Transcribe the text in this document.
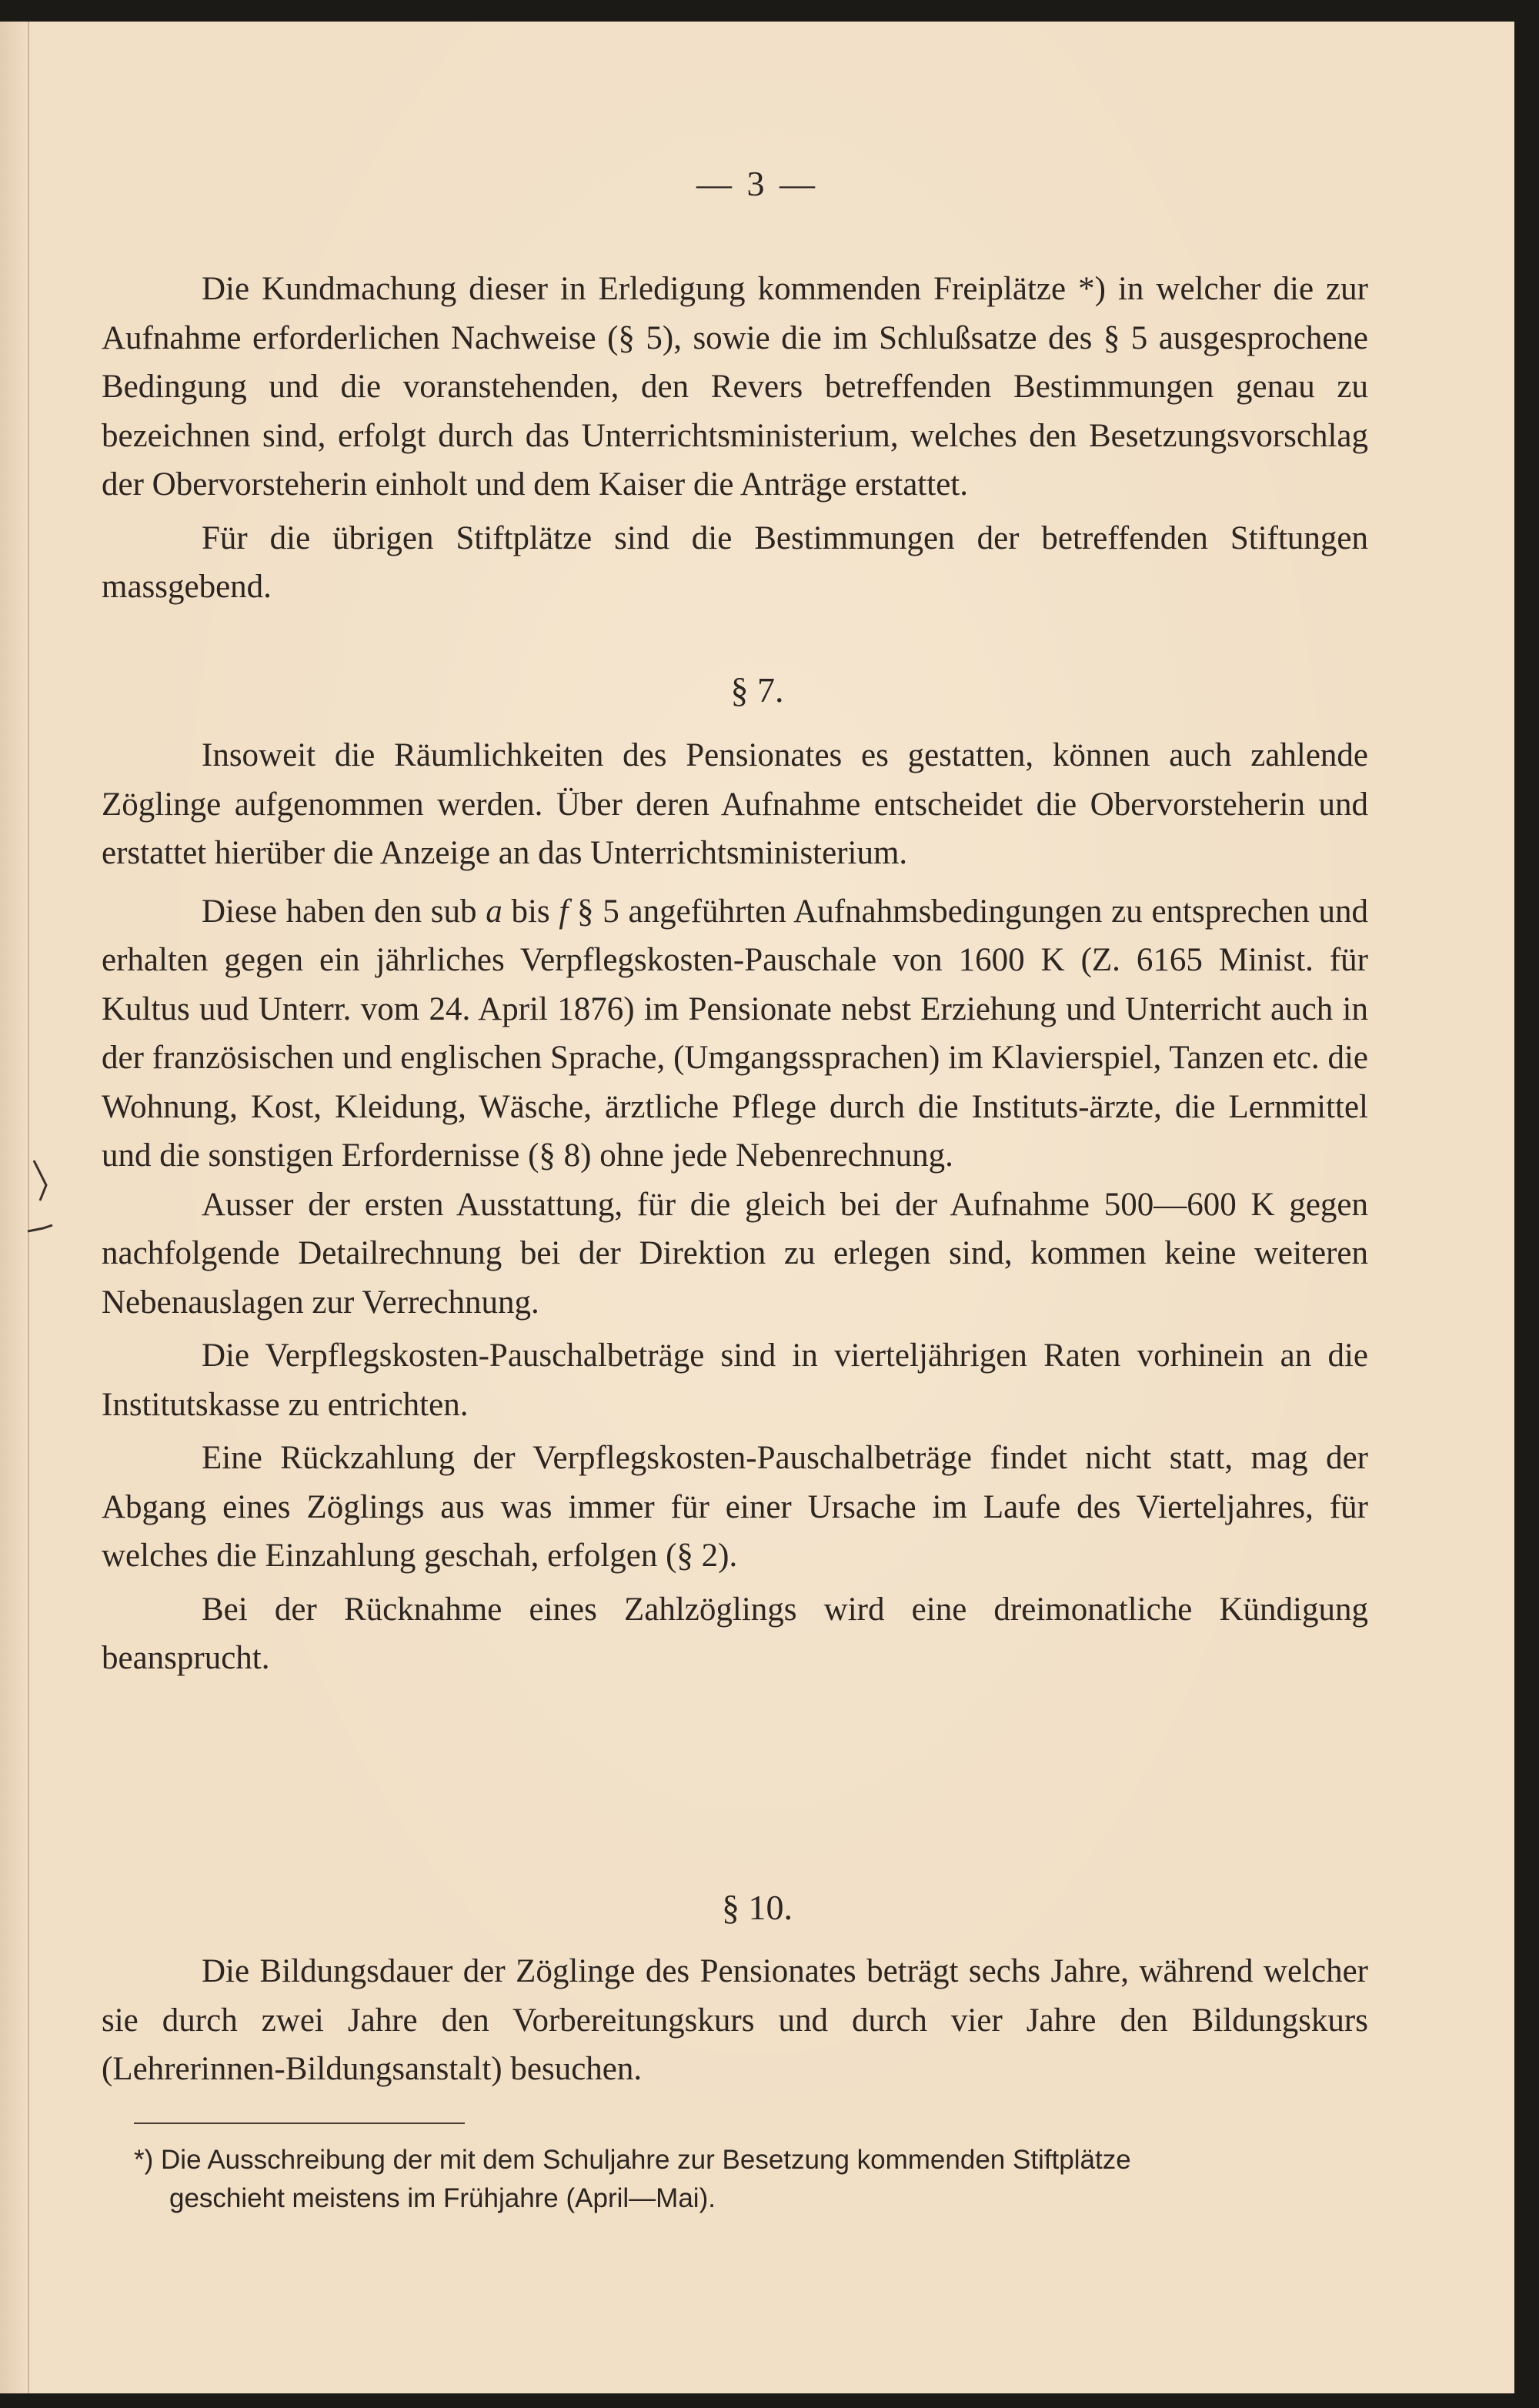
— 3 —

Die Kundmachung dieser in Erledigung kommenden Freiplätze *) in welcher die zur Aufnahme erforderlichen Nachweise (§ 5), sowie die im Schlußsatze des § 5 ausgesprochene Bedingung und die voranstehenden, den Revers betreffenden Bestimmungen genau zu bezeichnen sind, erfolgt durch das Unterrichtsministerium, welches den Besetzungsvorschlag der Obervorsteherin einholt und dem Kaiser die Anträge erstattet.

Für die übrigen Stiftplätze sind die Bestimmungen der betreffenden Stiftungen massgebend.

§ 7.

Insoweit die Räumlichkeiten des Pensionates es gestatten, können auch zahlende Zöglinge aufgenommen werden. Über deren Aufnahme entscheidet die Obervorsteherin und erstattet hierüber die Anzeige an das Unterrichtsministerium.

Diese haben den sub a bis f § 5 angeführten Aufnahmsbedingungen zu entsprechen und erhalten gegen ein jährliches Verpflegskosten-Pauschale von 1600 K (Z. 6165 Minist. für Kultus uud Unterr. vom 24. April 1876) im Pensionate nebst Erziehung und Unterricht auch in der französischen und englischen Sprache, (Umgangssprachen) im Klavierspiel, Tanzen etc. die Wohnung, Kost, Kleidung, Wäsche, ärztliche Pflege durch die Instituts-ärzte, die Lernmittel und die sonstigen Erfordernisse (§ 8) ohne jede Nebenrechnung.

Ausser der ersten Ausstattung, für die gleich bei der Aufnahme 500—600 K gegen nachfolgende Detailrechnung bei der Direktion zu erlegen sind, kommen keine weiteren Nebenauslagen zur Verrechnung.

Die Verpflegskosten-Pauschalbeträge sind in vierteljährigen Raten vorhinein an die Institutskasse zu entrichten.

Eine Rückzahlung der Verpflegskosten-Pauschalbeträge findet nicht statt, mag der Abgang eines Zöglings aus was immer für einer Ursache im Laufe des Vierteljahres, für welches die Einzahlung geschah, erfolgen (§ 2).

Bei der Rücknahme eines Zahlzöglings wird eine dreimonatliche Kündigung beansprucht.

§ 10.

Die Bildungsdauer der Zöglinge des Pensionates beträgt sechs Jahre, während welcher sie durch zwei Jahre den Vorbereitungskurs und durch vier Jahre den Bildungskurs (Lehrerinnen-Bildungsanstalt) besuchen.

*) Die Ausschreibung der mit dem Schuljahre zur Besetzung kommenden Stiftplätze
geschieht meistens im Frühjahre (April—Mai).
